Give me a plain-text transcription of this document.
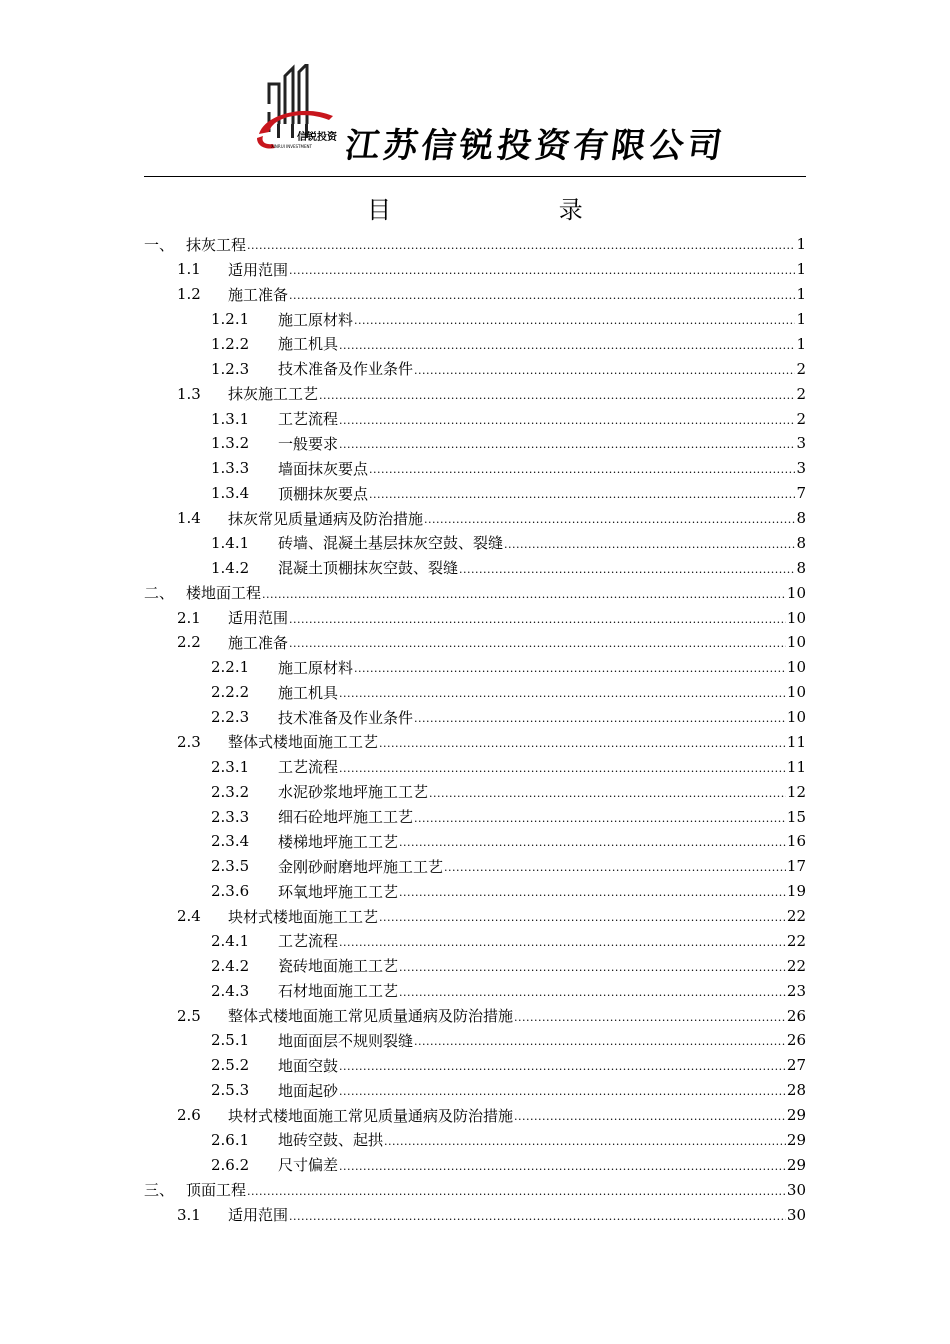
信锐投资
XINRUI INVESTMENT 江苏信锐投资有限公司
目 录
一、 抹灰工程 .....	1
1.1	适用范围 .....	1
1.2	施工准备 .....	1
1.2.1	施工原材料 .....	1
1.2.2	施工机具 .....	1
1.2.3	技术准备及作业条件 .....	2
1.3	抹灰施工工艺 .....	2
1.3.1	工艺流程 .....	2
1.3.2	一般要求 .....	3
1.3.3	墙面抹灰要点 .....	3
1.3.4	顶棚抹灰要点 .....	7
1.4	抹灰常见质量通病及防治措施 .....	8
1.4.1	砖墙、混凝土基层抹灰空鼓、裂缝 .....	8
1.4.2	混凝土顶棚抹灰空鼓、裂缝 .....	8
二、 楼地面工程 .....	10
2.1	适用范围 .....	10
2.2	施工准备 .....	10
2.2.1	施工原材料 .....	10
2.2.2	施工机具 .....	10
2.2.3	技术准备及作业条件 .....	10
2.3	整体式楼地面施工工艺 .....	11
2.3.1	工艺流程 .....	11
2.3.2	水泥砂浆地坪施工工艺 .....	12
2.3.3	细石砼地坪施工工艺 .....	15
2.3.4	楼梯地坪施工工艺 .....	16
2.3.5	金刚砂耐磨地坪施工工艺 .....	17
2.3.6	环氧地坪施工工艺 .....	19
2.4	块材式楼地面施工工艺 .....	22
2.4.1	工艺流程 .....	22
2.4.2	瓷砖地面施工工艺 .....	22
2.4.3	石材地面施工工艺 .....	23
2.5	整体式楼地面施工常见质量通病及防治措施 .....	26
2.5.1	地面面层不规则裂缝 .....	26
2.5.2	地面空鼓 .....	27
2.5.3	地面起砂 .....	28
2.6	块材式楼地面施工常见质量通病及防治措施 .....	29
2.6.1	地砖空鼓、起拱 .....	29
2.6.2	尺寸偏差 .....	29
三、 顶面工程 .....	30
3.1	适用范围 .....	30
